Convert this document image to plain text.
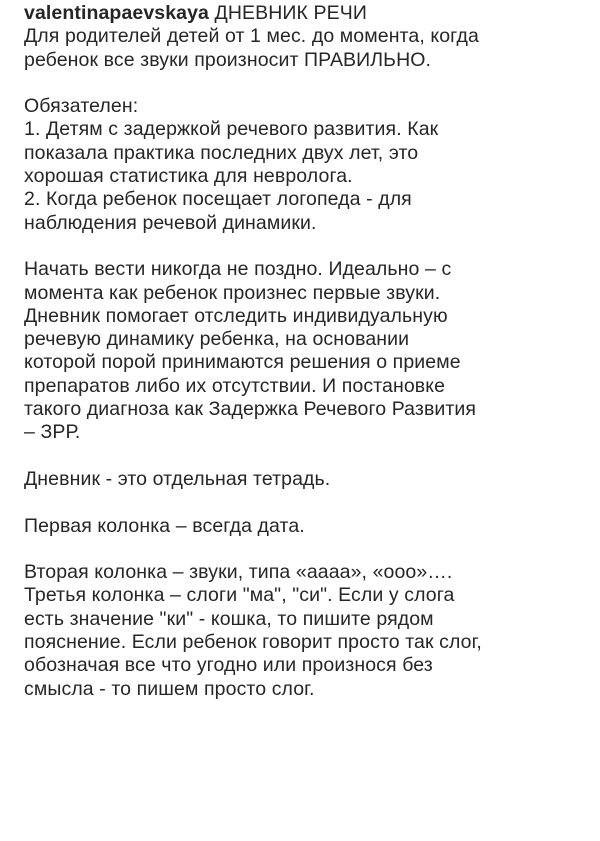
valentinapaevskaya ДНЕВНИК РЕЧИ
Для родителей детей от 1 мес. до момента, когда
ребенок все звуки произносит ПРАВИЛЬНО.
Обязателен:
1. Детям с задержкой речевого развития. Как
показала практика последних двух лет, это
хорошая статистика для невролога.
2. Когда ребенок посещает логопеда - для
наблюдения речевой динамики.
Начать вести никогда не поздно. Идеально – с
момента как ребенок произнес первые звуки.
Дневник помогает отследить индивидуальную
речевую динамику ребенка, на основании
которой порой принимаются решения о приеме
препаратов либо их отсутствии. И постановке
такого диагноза как Задержка Речевого Развития
– ЗРР.
Дневник - это отдельная тетрадь.
Первая колонка – всегда дата.
Вторая колонка – звуки, типа «аааа», «ооо»….
Третья колонка – слоги "ма", "си". Если у слога
есть значение "ки" - кошка, то пишите рядом
пояснение. Если ребенок говорит просто так слог,
обозначая все что угодно или произнося без
смысла - то пишем просто слог.
